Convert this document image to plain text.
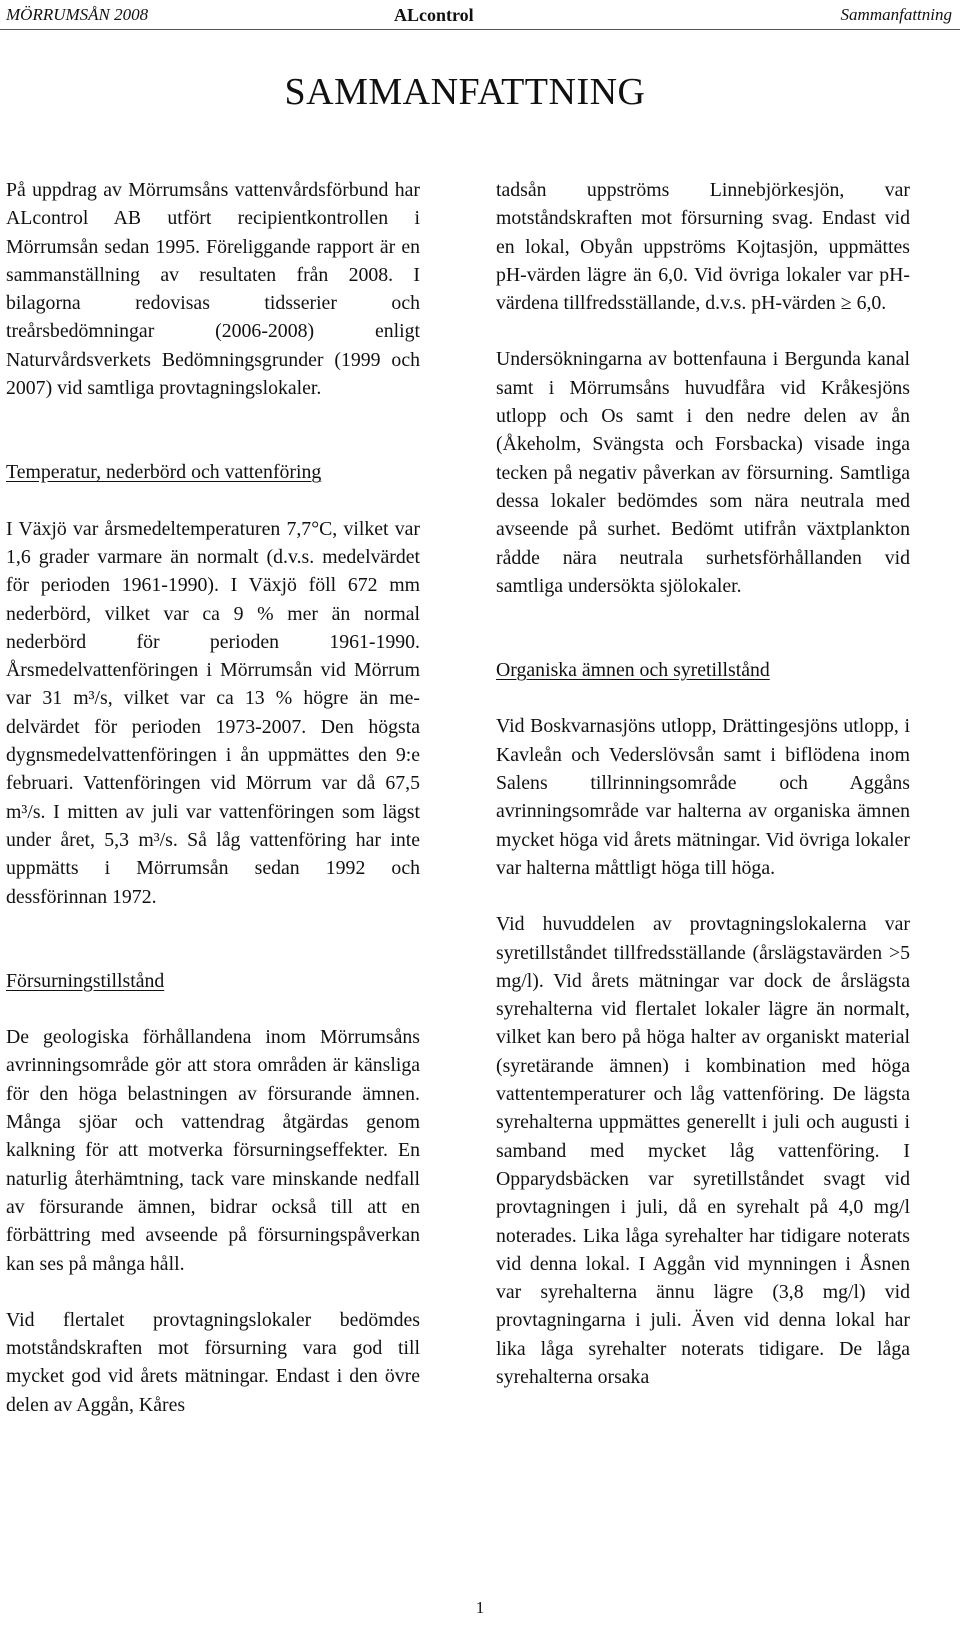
MÖRRUMSÅN 2008	ALcontrol	Sammanfattning
SAMMANFATTNING

På uppdrag av Mörrumsåns vattenvårdsförbund har ALcontrol AB utfört recipientkontrollen i Mörrumsån sedan 1995. Föreliggande rapport är en sammanställning av resultaten från 2008. I bilagorna redovisas tidsserier och treårsbedömningar (2006-2008) enligt Naturvårdsverkets Bedömningsgrunder (1999 och 2007) vid samtliga provtagningslokaler.

Temperatur, nederbörd och vattenföring

I Växjö var årsmedeltemperaturen 7,7°C, vilket var 1,6 grader varmare än normalt (d.v.s. medelvärdet för perioden 1961-1990). I Växjö föll 672 mm nederbörd, vilket var ca 9 % mer än normal nederbörd för perioden 1961-1990. Årsmedelvattenföringen i Mörrumsån vid Mörrum var 31 m³/s, vilket var ca 13 % högre än medelvärdet för perioden 1973-2007. Den högsta dygnsmedelvattenföringen i ån uppmättes den 9:e februari. Vattenföringen vid Mörrum var då 67,5 m³/s. I mitten av juli var vattenföringen som lägst under året, 5,3 m³/s. Så låg vattenföring har inte uppmätts i Mörrumsån sedan 1992 och dessförinnan 1972.

Försurningstillstånd

De geologiska förhållandena inom Mörrumsåns avrinningsområde gör att stora områden är känsliga för den höga belastningen av försurande ämnen. Många sjöar och vattendrag åtgärdas genom kalkning för att motverka försurningseffekter. En naturlig återhämtning, tack vare minskande nedfall av försurande ämnen, bidrar också till att en förbättring med avseende på försurningspåverkan kan ses på många håll.

Vid flertalet provtagningslokaler bedömdes motståndskraften mot försurning vara god till mycket god vid årets mätningar. Endast i den övre delen av Aggån, Kåres

tadsån uppströms Linnebjörkesjön, var motståndskraften mot försurning svag. Endast vid en lokal, Obyån uppströms Kojtasjön, uppmättes pH-värden lägre än 6,0. Vid övriga lokaler var pH-värdena tillfredsställande, d.v.s. pH-värden ≥ 6,0.

Undersökningarna av bottenfauna i Bergunda kanal samt i Mörrumsåns huvudfåra vid Kråkesjöns utlopp och Os samt i den nedre delen av ån (Åkeholm, Svängsta och Forsbacka) visade inga tecken på negativ påverkan av försurning. Samtliga dessa lokaler bedömdes som nära neutrala med avseende på surhet. Bedömt utifrån växtplankton rådde nära neutrala surhetsförhållanden vid samtliga undersökta sjölokaler.

Organiska ämnen och syretillstånd

Vid Boskvarnasjöns utlopp, Drättingesjöns utlopp, i Kavleån och Vederslövsån samt i biflödena inom Salens tillrinningsområde och Aggåns avrinningsområde var halterna av organiska ämnen mycket höga vid årets mätningar. Vid övriga lokaler var halterna måttligt höga till höga.

Vid huvuddelen av provtagningslokalerna var syretillståndet tillfredsställande (årslägstavärden >5 mg/l). Vid årets mätningar var dock de årslägsta syrehalterna vid flertalet lokaler lägre än normalt, vilket kan bero på höga halter av organiskt material (syretärande ämnen) i kombination med höga vattentemperaturer och låg vattenföring. De lägsta syrehalterna uppmättes generellt i juli och augusti i samband med mycket låg vattenföring. I Opparydsbäcken var syretillståndet svagt vid provtagningen i juli, då en syrehalt på 4,0 mg/l noterades. Lika låga syrehalter har tidigare noterats vid denna lokal. I Aggån vid mynningen i Åsnen var syrehalterna ännu lägre (3,8 mg/l) vid provtagningarna i juli. Även vid denna lokal har lika låga syrehalter noterats tidigare. De låga syrehalterna orsaka

1
